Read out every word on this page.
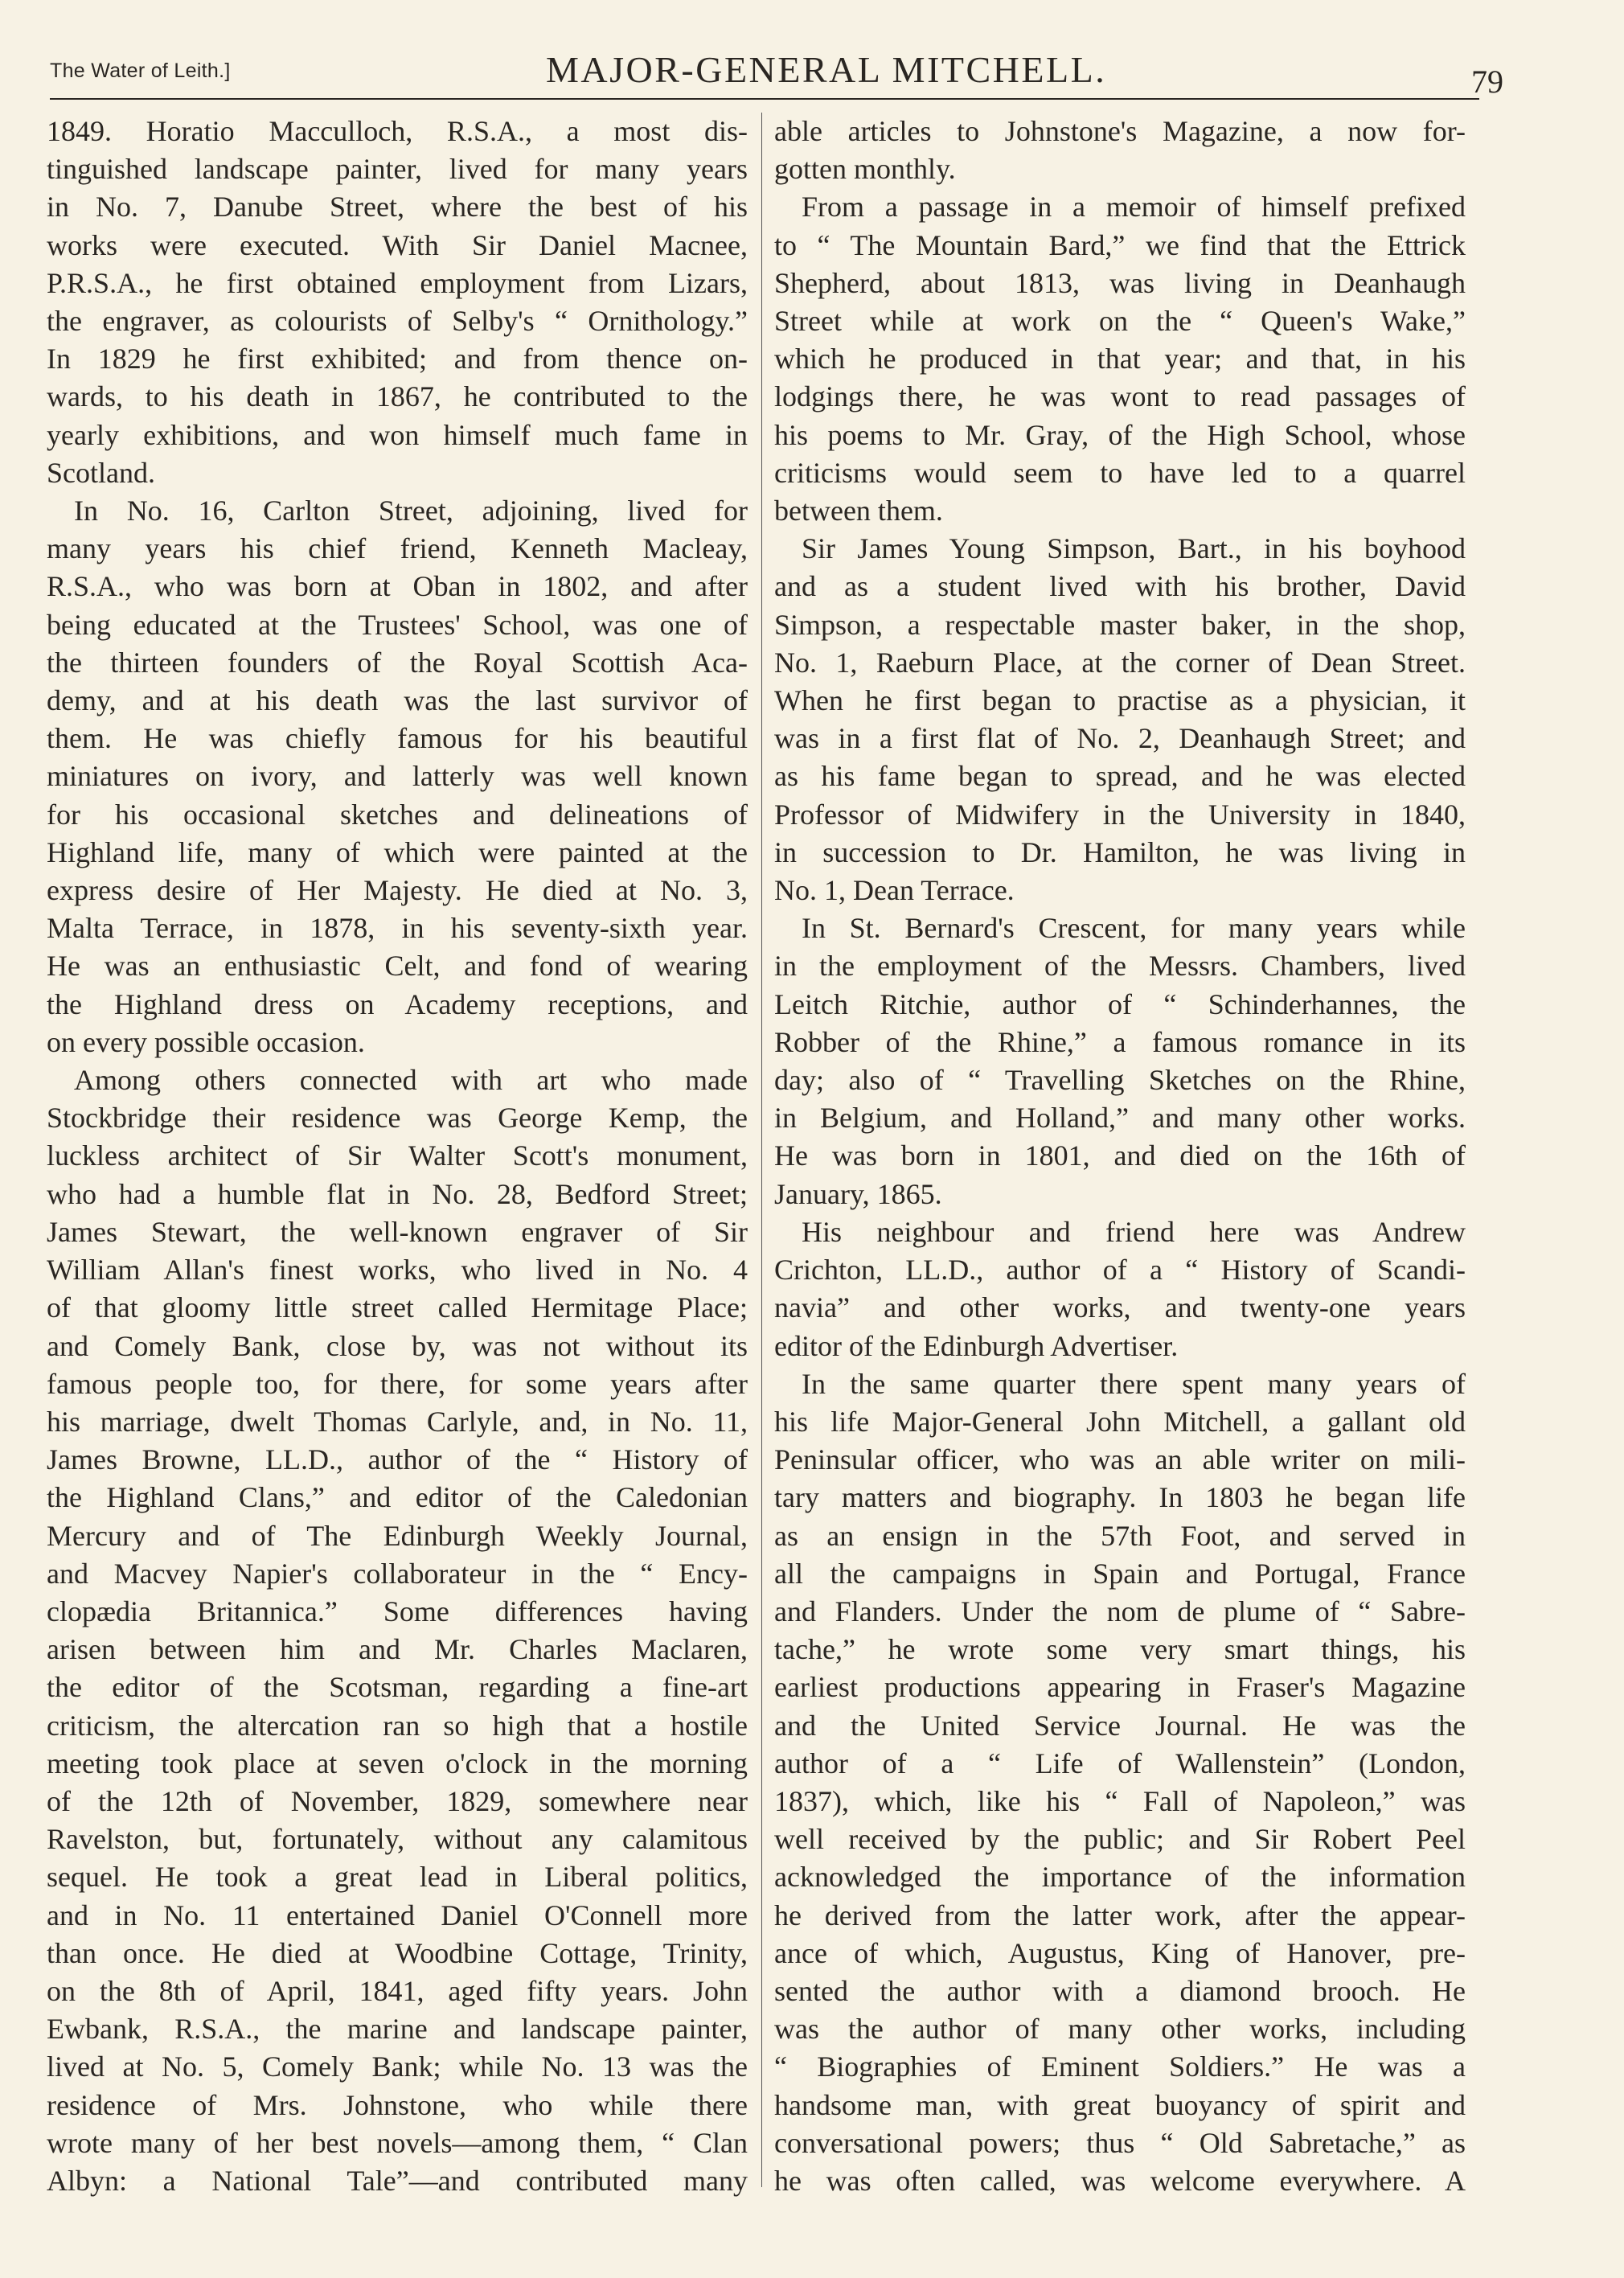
The Water of Leith.]	MAJOR-GENERAL MITCHELL.	79

1849. Horatio Macculloch, R.S.A., a most dis-
tinguished landscape painter, lived for many years
in No. 7, Danube Street, where the best of his
works were executed. With Sir Daniel Macnee,
P.R.S.A., he first obtained employment from Lizars,
the engraver, as colourists of Selby's “ Ornithology.”
In 1829 he first exhibited; and from thence on-
wards, to his death in 1867, he contributed to the
yearly exhibitions, and won himself much fame in
Scotland.

In No. 16, Carlton Street, adjoining, lived for
many years his chief friend, Kenneth Macleay,
R.S.A., who was born at Oban in 1802, and after
being educated at the Trustees' School, was one of
the thirteen founders of the Royal Scottish Aca-
demy, and at his death was the last survivor of
them. He was chiefly famous for his beautiful
miniatures on ivory, and latterly was well known
for his occasional sketches and delineations of
Highland life, many of which were painted at the
express desire of Her Majesty. He died at No. 3,
Malta Terrace, in 1878, in his seventy-sixth year.
He was an enthusiastic Celt, and fond of wearing
the Highland dress on Academy receptions, and
on every possible occasion.

Among others connected with art who made
Stockbridge their residence was George Kemp, the
luckless architect of Sir Walter Scott's monument,
who had a humble flat in No. 28, Bedford Street;
James Stewart, the well-known engraver of Sir
William Allan's finest works, who lived in No. 4
of that gloomy little street called Hermitage Place;
and Comely Bank, close by, was not without its
famous people too, for there, for some years after
his marriage, dwelt Thomas Carlyle, and, in No. 11,
James Browne, LL.D., author of the “ History of
the Highland Clans,” and editor of the Caledonian
Mercury and of The Edinburgh Weekly Journal,
and Macvey Napier's collaborateur in the “ Ency-
clopædia Britannica.” Some differences having
arisen between him and Mr. Charles Maclaren,
the editor of the Scotsman, regarding a fine-art
criticism, the altercation ran so high that a hostile
meeting took place at seven o'clock in the morning
of the 12th of November, 1829, somewhere near
Ravelston, but, fortunately, without any calamitous
sequel. He took a great lead in Liberal politics,
and in No. 11 entertained Daniel O'Connell more
than once. He died at Woodbine Cottage, Trinity,
on the 8th of April, 1841, aged fifty years. John
Ewbank, R.S.A., the marine and landscape painter,
lived at No. 5, Comely Bank; while No. 13 was the
residence of Mrs. Johnstone, who while there
wrote many of her best novels—among them, “ Clan
Albyn: a National Tale”—and contributed many

able articles to Johnstone's Magazine, a now for-
gotten monthly.

From a passage in a memoir of himself prefixed
to “ The Mountain Bard,” we find that the Ettrick
Shepherd, about 1813, was living in Deanhaugh
Street while at work on the “ Queen's Wake,”
which he produced in that year; and that, in his
lodgings there, he was wont to read passages of
his poems to Mr. Gray, of the High School, whose
criticisms would seem to have led to a quarrel
between them.

Sir James Young Simpson, Bart., in his boyhood
and as a student lived with his brother, David
Simpson, a respectable master baker, in the shop,
No. 1, Raeburn Place, at the corner of Dean Street.
When he first began to practise as a physician, it
was in a first flat of No. 2, Deanhaugh Street; and
as his fame began to spread, and he was elected
Professor of Midwifery in the University in 1840,
in succession to Dr. Hamilton, he was living in
No. 1, Dean Terrace.

In St. Bernard's Crescent, for many years while
in the employment of the Messrs. Chambers, lived
Leitch Ritchie, author of “ Schinderhannes, the
Robber of the Rhine,” a famous romance in its
day; also of “ Travelling Sketches on the Rhine,
in Belgium, and Holland,” and many other works.
He was born in 1801, and died on the 16th of
January, 1865.

His neighbour and friend here was Andrew
Crichton, LL.D., author of a “ History of Scandi-
navia” and other works, and twenty-one years
editor of the Edinburgh Advertiser.

In the same quarter there spent many years of
his life Major-General John Mitchell, a gallant old
Peninsular officer, who was an able writer on mili-
tary matters and biography. In 1803 he began life
as an ensign in the 57th Foot, and served in
all the campaigns in Spain and Portugal, France
and Flanders. Under the nom de plume of “ Sabre-
tache,” he wrote some very smart things, his
earliest productions appearing in Fraser's Magazine
and the United Service Journal. He was the
author of a “ Life of Wallenstein” (London,
1837), which, like his “ Fall of Napoleon,” was
well received by the public; and Sir Robert Peel
acknowledged the importance of the information
he derived from the latter work, after the appear-
ance of which, Augustus, King of Hanover, pre-
sented the author with a diamond brooch. He
was the author of many other works, including
“ Biographies of Eminent Soldiers.” He was a
handsome man, with great buoyancy of spirit and
conversational powers; thus “ Old Sabretache,” as
he was often called, was welcome everywhere. A
